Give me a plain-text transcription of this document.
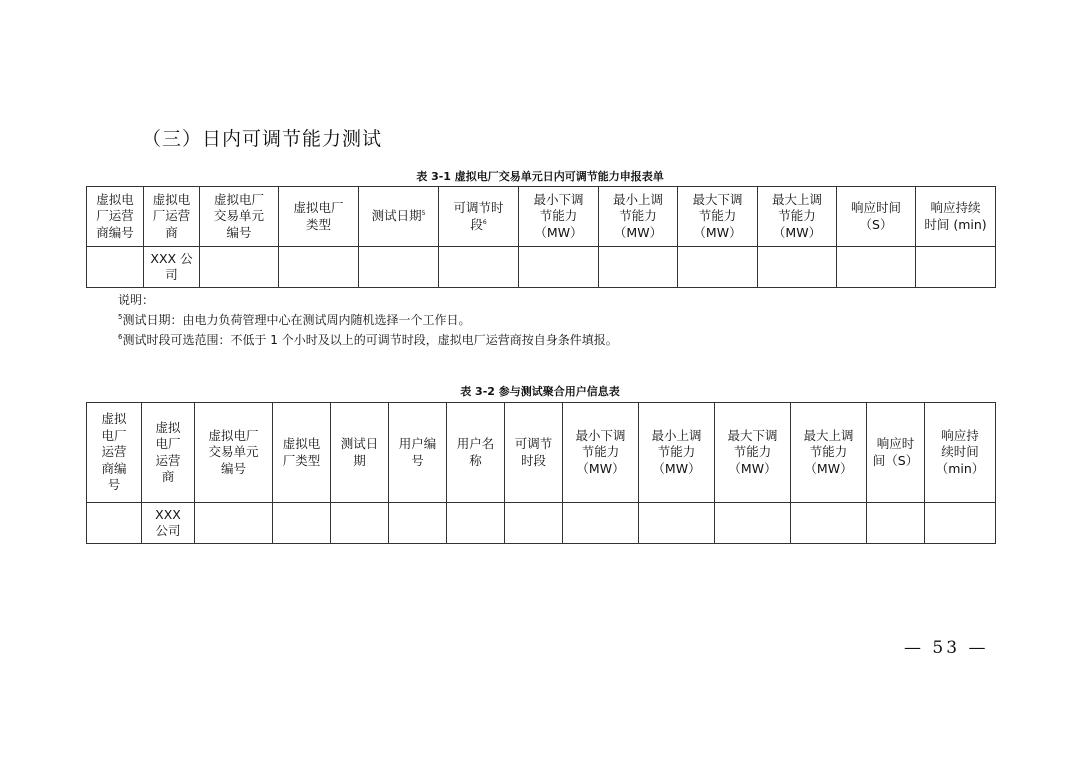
（三）日内可调节能力测试
表 3-1 虚拟电厂交易单元日内可调节能力申报表单
虚拟电
厂运营
商编号	虚拟电
厂运营
商	虚拟电厂
交易单元
编号	虚拟电厂
类型	测试日期$^5$	可调节时
段$^6$	最小下调
节能力
（MW）	最小上调
节能力
（MW）	最大下调
节能力
（MW）	最大上调
节能力
（MW）	响应时间
（S）	响应持续
时间 (min)
	XXX 公
司										
说明：
$^5$测试日期：由电力负荷管理中心在测试周内随机选择一个工作日。
$^6$测试时段可选范围：不低于 1 个小时及以上的可调节时段，虚拟电厂运营商按自身条件填报。
表 3-2 参与测试聚合用户信息表
虚拟
电厂
运营
商编
号	虚拟
电厂
运营
商	虚拟电厂
交易单元
编号	虚拟电
厂类型	测试日
期	用户编
号	用户名
称	可调节
时段	最小下调
节能力
（MW）	最小上调
节能力
（MW）	最大下调
节能力
（MW）	最大上调
节能力
（MW）	响应时
间（S）	响应持
续时间
（min）
	XXX
公司												
— 53 —
